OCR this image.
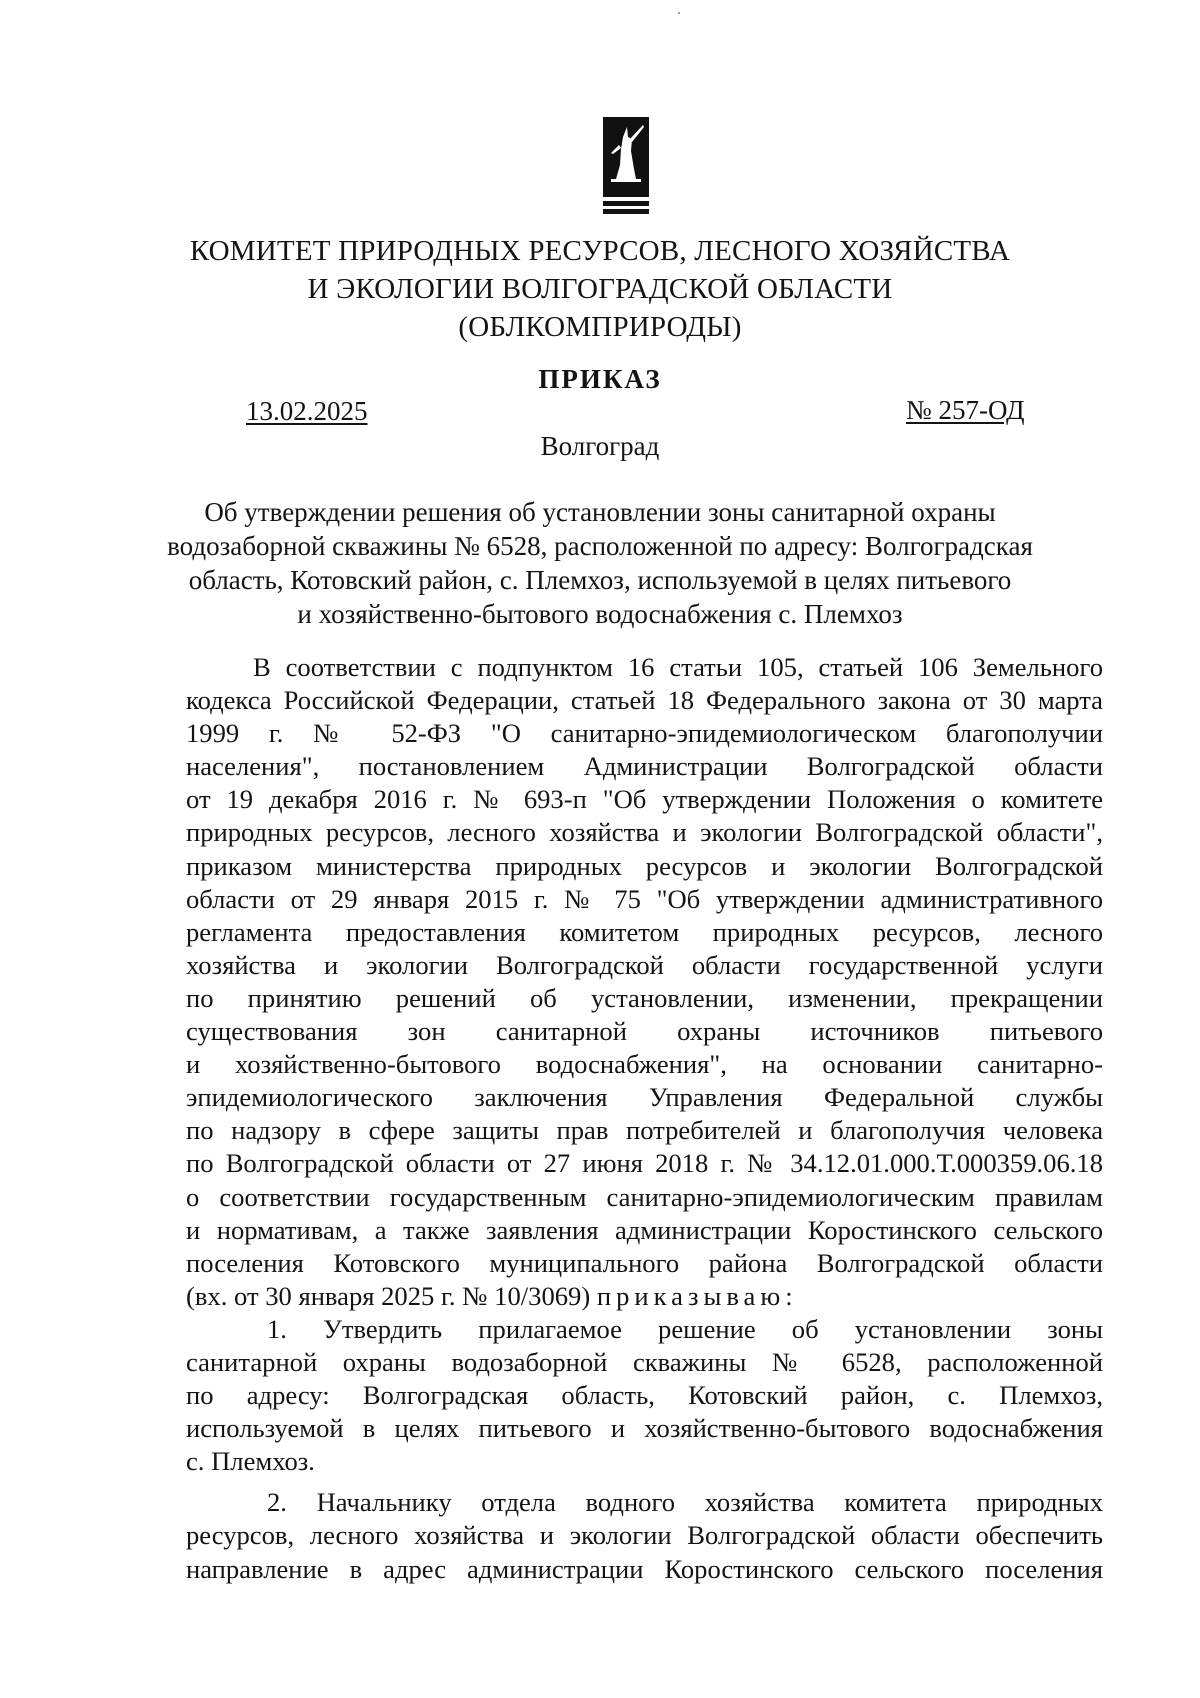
КОМИТЕТ ПРИРОДНЫХ РЕСУРСОВ, ЛЕСНОГО ХОЗЯЙСТВА
И ЭКОЛОГИИ ВОЛГОГРАДСКОЙ ОБЛАСТИ
(ОБЛКОМПРИРОДЫ)
ПРИКАЗ
13.02.2025	№ 257-ОД
Волгоград
Об утверждении решения об установлении зоны санитарной охраны
водозаборной скважины № 6528, расположенной по адресу: Волгоградская
область, Котовский район, с. Племхоз, используемой в целях питьевого
и хозяйственно-бытового водоснабжения с. Племхоз
В соответствии с подпунктом 16 статьи 105, статьей 106 Земельного
кодекса Российской Федерации, статьей 18 Федерального закона от 30 марта
1999 г. № 52-ФЗ "О санитарно-эпидемиологическом благополучии
населения", постановлением Администрации Волгоградской области
от 19 декабря 2016 г. № 693-п "Об утверждении Положения о комитете
природных ресурсов, лесного хозяйства и экологии Волгоградской области",
приказом министерства природных ресурсов и экологии Волгоградской
области от 29 января 2015 г. № 75 "Об утверждении административного
регламента предоставления комитетом природных ресурсов, лесного
хозяйства и экологии Волгоградской области государственной услуги
по принятию решений об установлении, изменении, прекращении
существования зон санитарной охраны источников питьевого
и хозяйственно-бытового водоснабжения", на основании санитарно-
эпидемиологического заключения Управления Федеральной службы
по надзору в сфере защиты прав потребителей и благополучия человека
по Волгоградской области от 27 июня 2018 г. № 34.12.01.000.Т.000359.06.18
о соответствии государственным санитарно-эпидемиологическим правилам
и нормативам, а также заявления администрации Коростинского сельского
поселения Котовского муниципального района Волгоградской области
(вх. от 30 января 2025 г. № 10/3069) приказываю:
1. Утвердить прилагаемое решение об установлении зоны
санитарной охраны водозаборной скважины № 6528, расположенной
по адресу: Волгоградская область, Котовский район, с. Племхоз,
используемой в целях питьевого и хозяйственно-бытового водоснабжения
с. Племхоз.
2. Начальнику отдела водного хозяйства комитета природных
ресурсов, лесного хозяйства и экологии Волгоградской области обеспечить
направление в адрес администрации Коростинского сельского поселения
